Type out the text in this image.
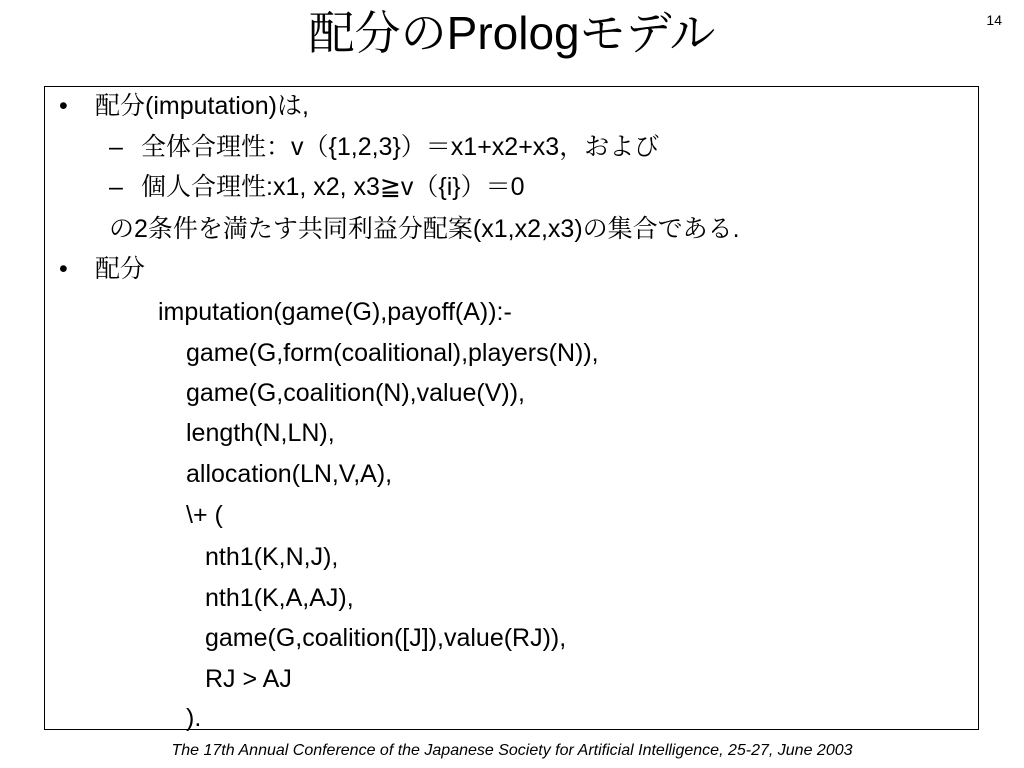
配分のPrologモデル	14
• 配分(imputation)は,
– 全体合理性：v（{1,2,3}）＝x1+x2+x3，および
– 個人合理性:x1, x2, x3≧v（{i}）＝0
の2条件を満たす共同利益分配案(x1,x2,x3)の集合である.
• 配分
imputation(game(G),payoff(A)):-
game(G,form(coalitional),players(N)),
game(G,coalition(N),value(V)),
length(N,LN),
allocation(LN,V,A),
\+ (
nth1(K,N,J),
nth1(K,A,AJ),
game(G,coalition([J]),value(RJ)),
RJ > AJ
).
The 17th Annual Conference of the Japanese Society for Artificial Intelligence, 25-27, June 2003
